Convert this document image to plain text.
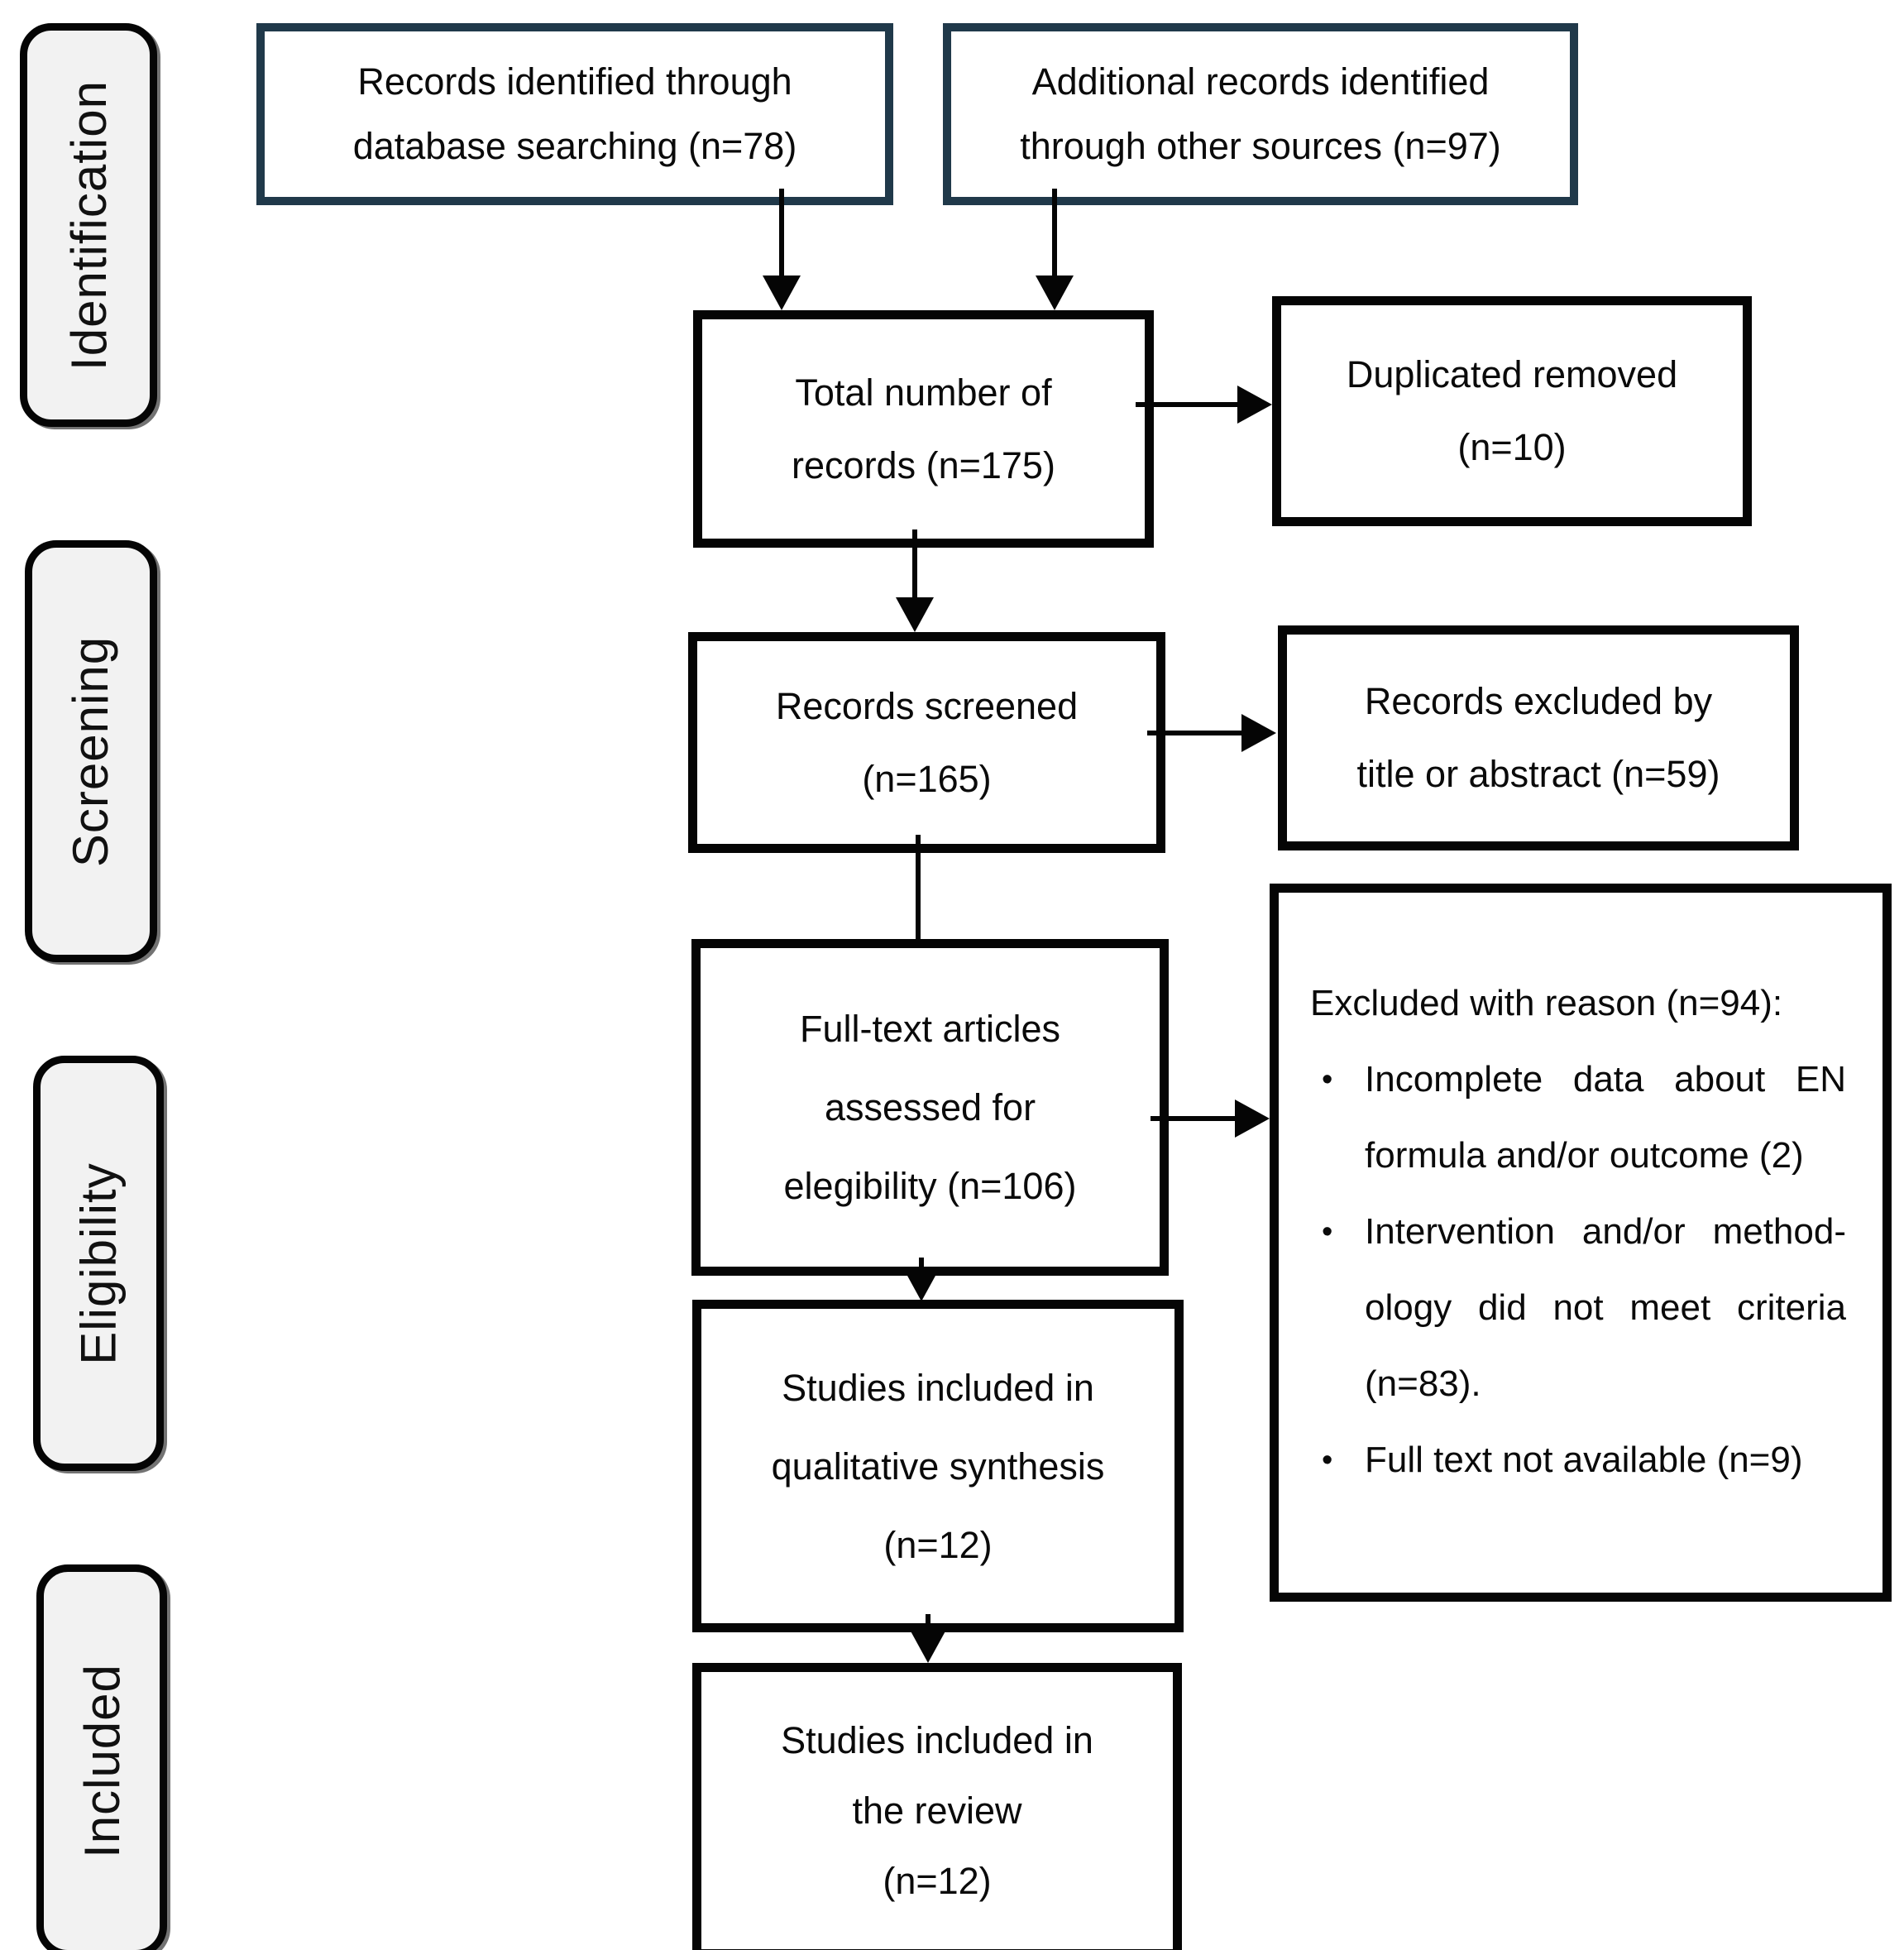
Identification
Screening
Eligibility
Included
Records identified through
database searching (n=78)
Additional records identified
through other sources (n=97)
Total number of
records (n=175)
Duplicated removed
(n=10)
Records screened
(n=165)
Records excluded by
title or abstract (n=59)
Full-text articles
assessed for
elegibility (n=106)
Excluded with reason (n=94):
• Incomplete data about EN
formula and/or outcome (2)
• Intervention and/or method-
ology did not meet criteria
(n=83).
• Full text not available (n=9)
Studies included in
qualitative synthesis
(n=12)
Studies included in
the review
(n=12)
